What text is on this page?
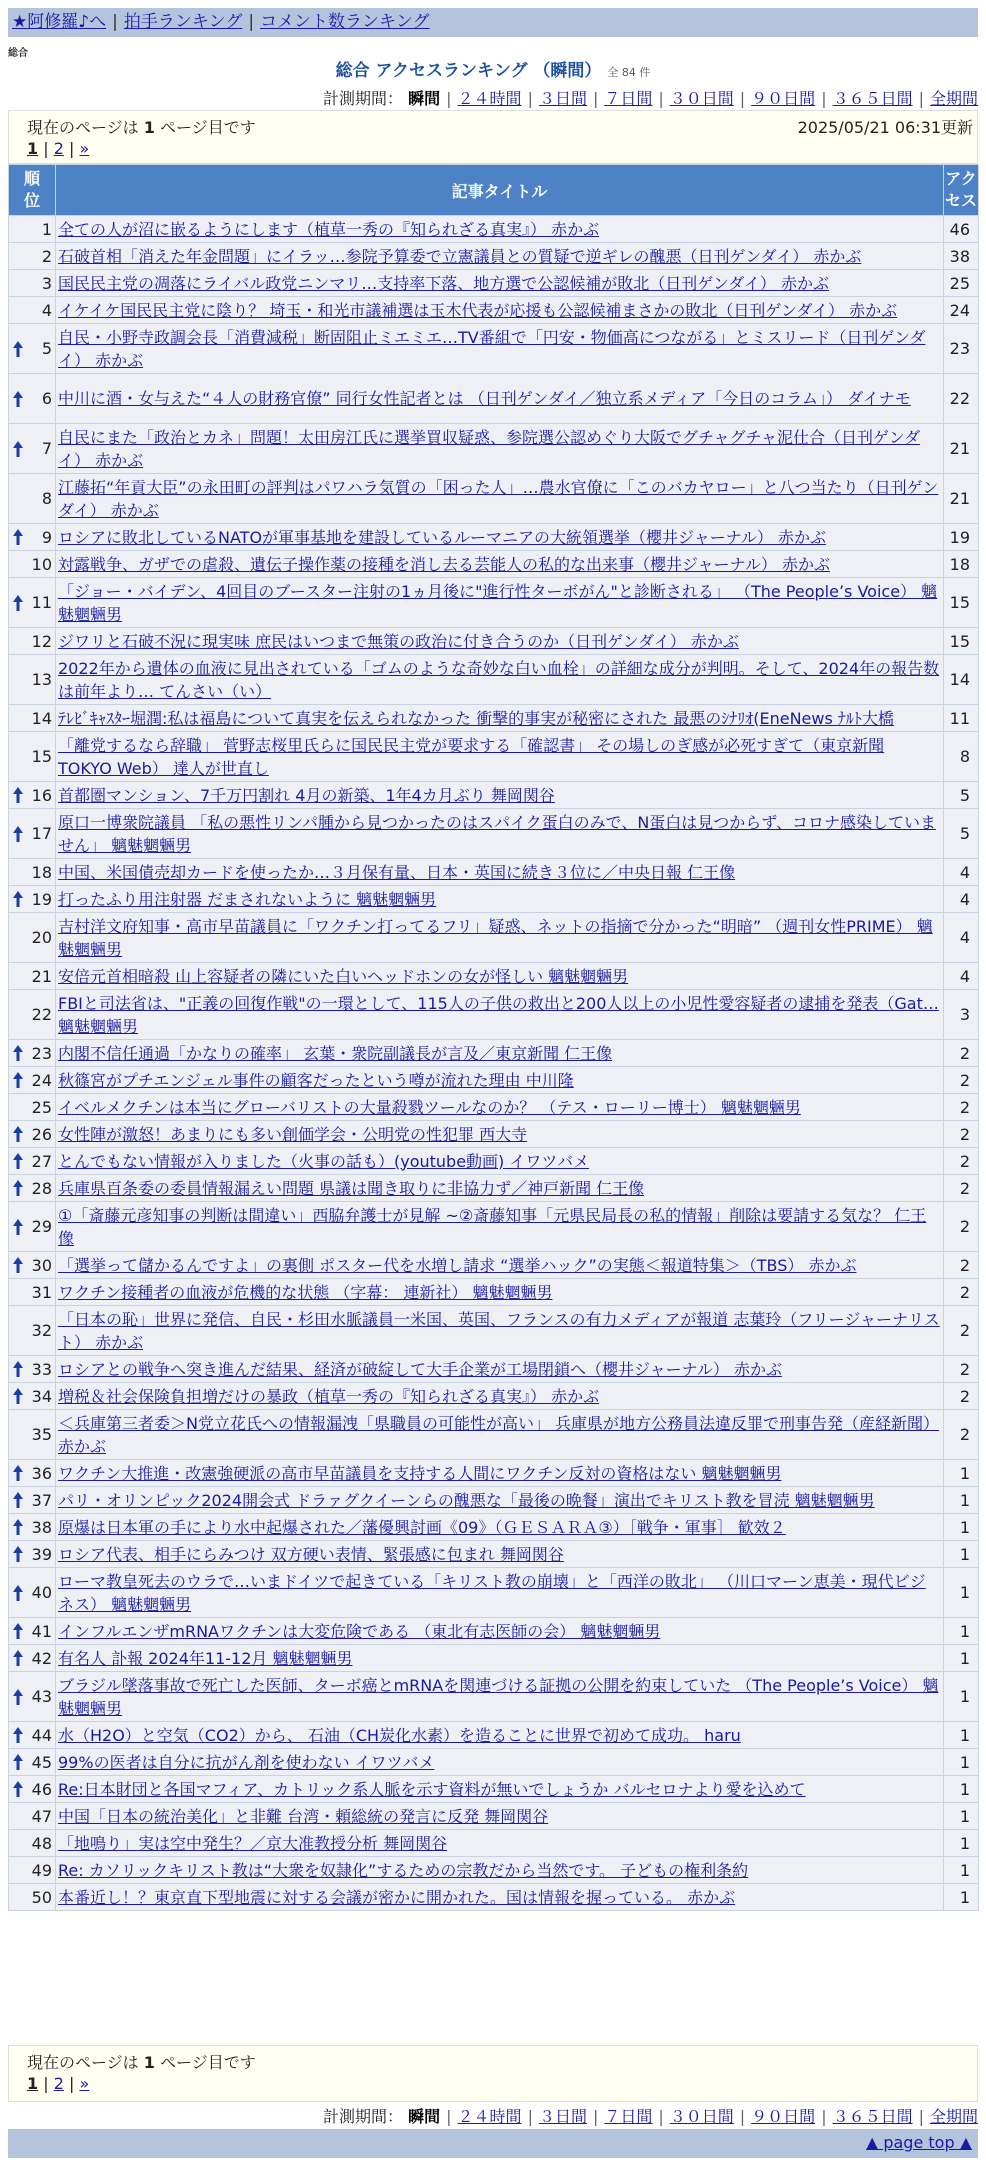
★阿修羅♪へ | 拍手ランキング | コメント数ランキング
総合
総合 アクセスランキング （瞬間） 全 84 件
計測期間： 瞬間 | ２４時間 | ３日間 | ７日間 | ３０日間 | ９０日間 | ３６５日間 | 全期間
現在のページは 1 ページ目です	2025/05/21 06:31更新
1 | 2 | »
順位	記事タイトル	アクセス
1	全ての人が沼に嵌るようにします（植草一秀の『知られざる真実』） 赤かぶ	46
2	石破首相「消えた年金問題」にイラッ…参院予算委で立憲議員との質疑で逆ギレの醜悪（日刊ゲンダイ） 赤かぶ	38
3	国民民主党の凋落にライバル政党ニンマリ…支持率下落、地方選で公認候補が敗北（日刊ゲンダイ） 赤かぶ	25
4	イケイケ国民民主党に陰り？ 埼玉・和光市議補選は玉木代表が応援も公認候補まさかの敗北（日刊ゲンダイ） 赤かぶ	24

5	自民・小野寺政調会長「消費減税」断固阻止ミエミエ…TV番組で「円安・物価高につながる」とミスリード（日刊ゲンダイ） 赤かぶ	23

6	中川に酒・女与えた“４人の財務官僚” 同行女性記者とは （日刊ゲンダイ／独立系メディア「今日のコラム」） ダイナモ	22

7	自民にまた「政治とカネ」問題！太田房江氏に選挙買収疑惑、参院選公認めぐり大阪でグチャグチャ泥仕合（日刊ゲンダイ） 赤かぶ	21
8	江藤拓“年貢大臣”の永田町の評判はパワハラ気質の「困った人」…農水官僚に「このバカヤロー」と八つ当たり（日刊ゲンダイ） 赤かぶ	21

9	ロシアに敗北しているNATOが軍事基地を建設しているルーマニアの大統領選挙（櫻井ジャーナル） 赤かぶ	19
10	対露戦争、ガザでの虐殺、遺伝子操作薬の接種を消し去る芸能人の私的な出来事（櫻井ジャーナル） 赤かぶ	18

11	「ジョー・バイデン、4回目のブースター注射の1ヵ月後に"進行性ターボがん"と診断される」 （The People’s Voice） 魑魅魍魎男	15
12	ジワリと石破不況に現実味 庶民はいつまで無策の政治に付き合うのか（日刊ゲンダイ） 赤かぶ	15
13	2022年から遺体の血液に見出されている「ゴムのような奇妙な白い血栓」の詳細な成分が判明。そして、2024年の報告数は前年より… てんさい（い）	14
14	ﾃﾚﾋﾞｷｬｽﾀｰ堀潤:私は福島について真実を伝えられなかった 衝撃的事実が秘密にされた 最悪のｼﾅﾘｵ(EneNews ﾅﾙﾄ大橋	11
15	「離党するなら辞職」 菅野志桜里氏らに国民民主党が要求する「確認書」 その場しのぎ感が必死すぎて（東京新聞 TOKYO Web） 達人が世直し	8

16	首都圏マンション、7千万円割れ 4月の新築、1年4カ月ぶり 舞岡関谷	5

17	原口一博衆院議員 「私の悪性リンパ腫から見つかったのはスパイク蛋白のみで、N蛋白は見つからず、コロナ感染していません」 魑魅魍魎男	5
18	中国、米国債売却カードを使ったか…３月保有量、日本・英国に続き３位に／中央日報 仁王像	4

19	打ったふり用注射器 だまされないように 魑魅魍魎男	4
20	吉村洋文府知事・高市早苗議員に「ワクチン打ってるフリ」疑惑、ネットの指摘で分かった“明暗” （週刊女性PRIME） 魑魅魍魎男	4
21	安倍元首相暗殺 山上容疑者の隣にいた白いヘッドホンの女が怪しい 魑魅魍魎男	4
22	FBIと司法省は、"正義の回復作戦"の一環として、115人の子供の救出と200人以上の小児性愛容疑者の逮捕を発表（Gat… 魑魅魍魎男	3

23	内閣不信任通過「かなりの確率」 玄葉・衆院副議長が言及／東京新聞 仁王像	2

24	秋篠宮がプチエンジェル事件の顧客だったという噂が流れた理由 中川隆	2
25	イベルメクチンは本当にグローバリストの大量殺戮ツールなのか？ （テス・ローリー博士） 魑魅魍魎男	2

26	女性陣が激怒！あまりにも多い創価学会・公明党の性犯罪 西大寺	2

27	とんでもない情報が入りました（火事の話も）(youtube動画) イワツバメ	2

28	兵庫県百条委の委員情報漏えい問題 県議は聞き取りに非協力ず／神戸新聞 仁王像	2

29	①「斎藤元彦知事の判断は間違い」西脇弁護士が見解 ~②斎藤知事「元県民局長の私的情報」削除は要請する気な？ 仁王像	2

30	「選挙って儲かるんですよ」の裏側 ポスター代を水増し請求 “選挙ハック”の実態＜報道特集＞（TBS） 赤かぶ	2
31	ワクチン接種者の血液が危機的な状態 （字幕： 連新社） 魑魅魍魎男	2
32	「日本の恥」世界に発信、自民・杉田水脈議員一米国、英国、フランスの有力メディアが報道 志葉玲（フリージャーナリスト） 赤かぶ	2

33	ロシアとの戦争へ突き進んだ結果、経済が破綻して大手企業が工場閉鎖へ（櫻井ジャーナル） 赤かぶ	2

34	増税＆社会保険負担増だけの暴政（植草一秀の『知られざる真実』） 赤かぶ	2
35	＜兵庫第三者委＞N党立花氏への情報漏洩「県職員の可能性が高い」 兵庫県が地方公務員法違反罪で刑事告発（産経新聞） 赤かぶ	2

36	ワクチン大推進・改憲強硬派の高市早苗議員を支持する人間にワクチン反対の資格はない 魑魅魍魎男	1

37	パリ・オリンピック2024開会式 ドラァグクイーンらの醜悪な「最後の晩餐」演出でキリスト教を冒涜 魑魅魍魎男	1

38	原爆は日本軍の手により水中起爆された／藩優興討画《09》（ＧＥＳＡＲＡ③）［戦争・軍事］ 歓效２	1

39	ロシア代表、相手にらみつけ 双方硬い表情、緊張感に包まれ 舞岡関谷	1

40	ローマ教皇死去のウラで…いまドイツで起きている「キリスト教の崩壊」と「西洋の敗北」 （川口マーン恵美・現代ビジネス） 魑魅魍魎男	1

41	インフルエンザmRNAワクチンは大変危険である （東北有志医師の会） 魑魅魍魎男	1

42	有名人 訃報 2024年11-12月 魑魅魍魎男	1

43	ブラジル墜落事故で死亡した医師、ターボ癌とmRNAを関連づける証拠の公開を約束していた （The People’s Voice） 魑魅魍魎男	1

44	水（H2O）と空気（CO2）から、 石油（CH炭化水素）を造ることに世界で初めて成功。 haru	1

45	99%の医者は自分に抗がん剤を使わない イワツバメ	1

46	Re:日本財団と各国マフィア、カトリック系人脈を示す資料が無いでしょうか バルセロナより愛を込めて	1
47	中国「日本の統治美化」と非難 台湾・頼総統の発言に反発 舞岡関谷	1
48	「地鳴り」実は空中発生？／京大准教授分析 舞岡関谷	1
49	Re: カソリックキリスト教は“大衆を奴隷化”するための宗教だから当然です。 子どもの権利条約	1
50	本番近し！？東京直下型地震に対する会議が密かに開かれた。国は情報を握っている。 赤かぶ	1
現在のページは 1 ページ目です
1 | 2 | »
計測期間： 瞬間 | ２４時間 | ３日間 | ７日間 | ３０日間 | ９０日間 | ３６５日間 | 全期間
▲ page top ▲
